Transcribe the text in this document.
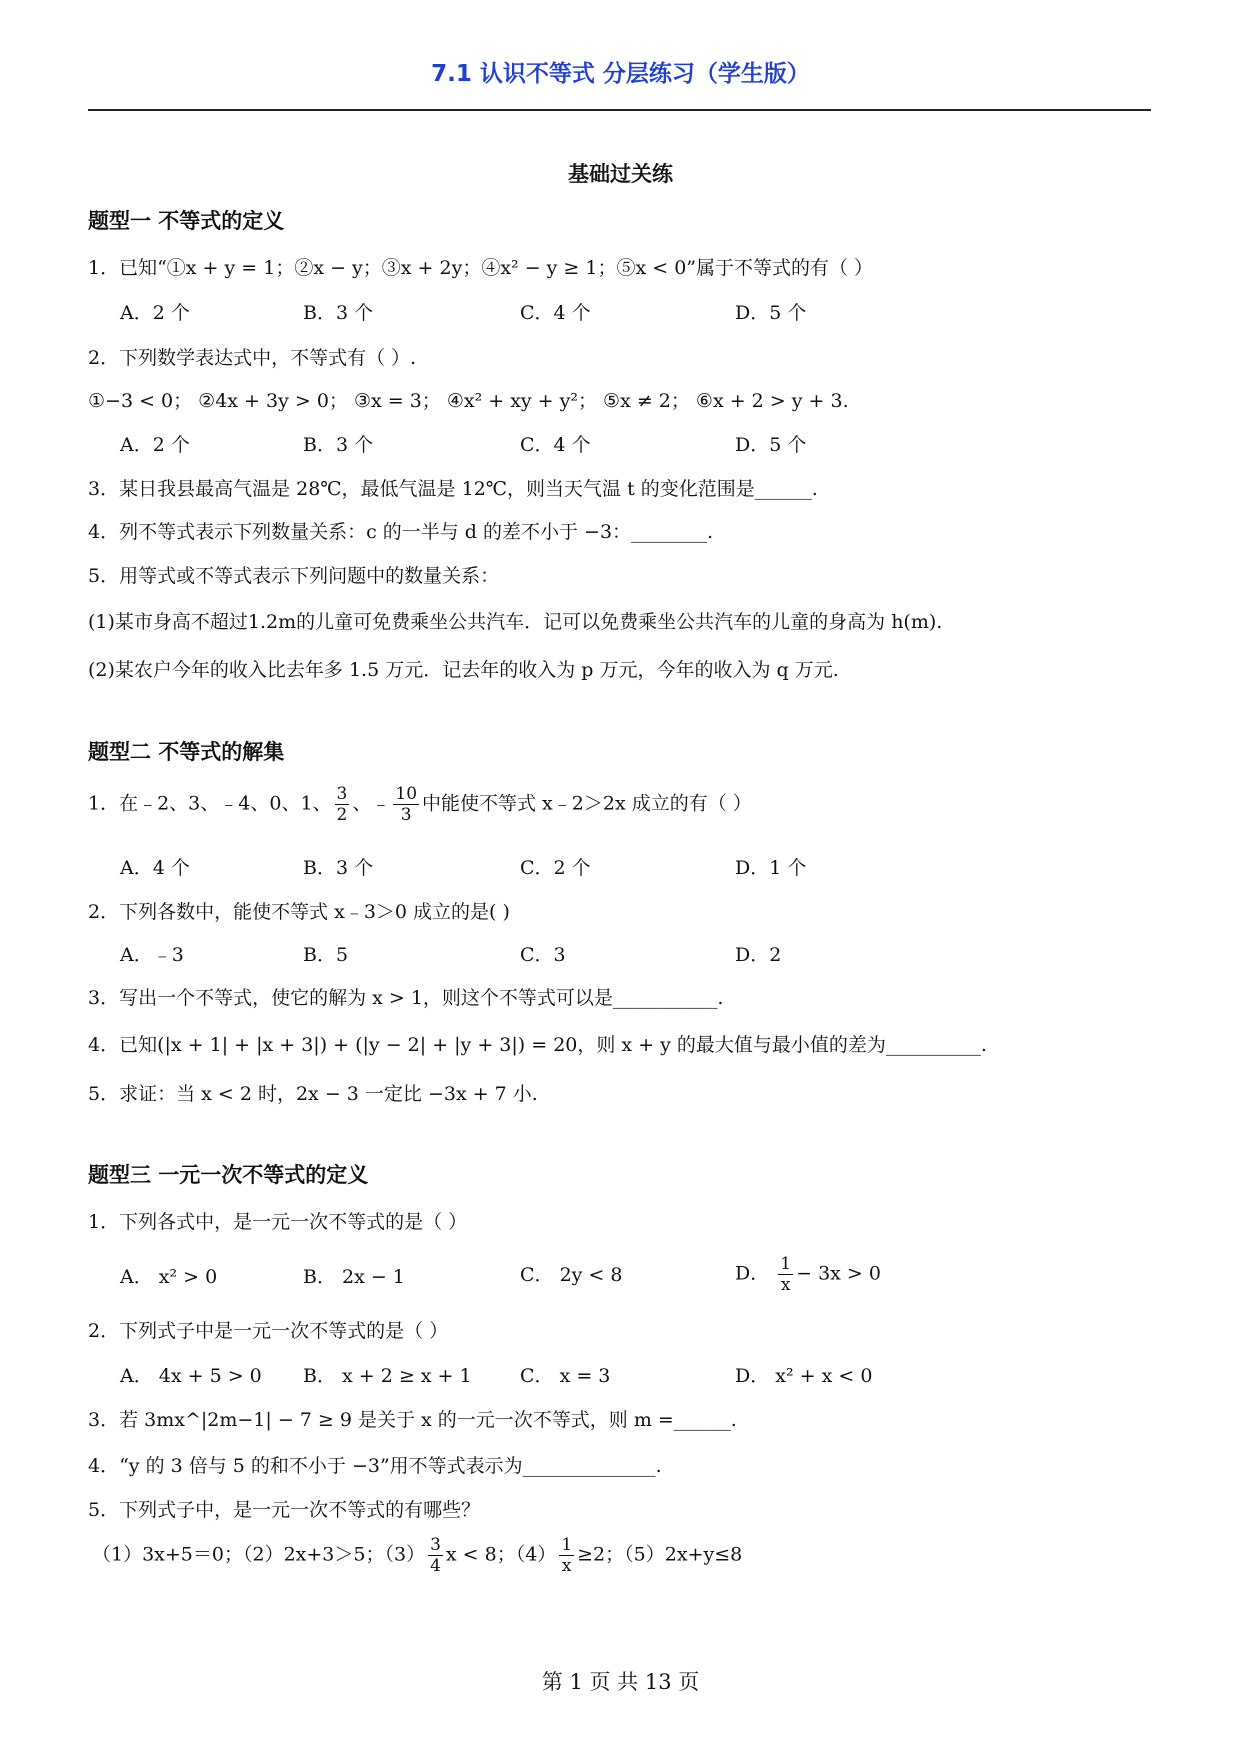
7.1 认识不等式 分层练习（学生版）
基础过关练
题型一 不等式的定义
1．已知“①x + y = 1；②x − y；③x + 2y；④x² − y ≥ 1；⑤x < 0”属于不等式的有（ ）
A．2 个	B．3 个	C．4 个	D．5 个
2．下列数学表达式中，不等式有（ ）.
①−3 < 0； ②4x + 3y > 0； ③x = 3； ④x² + xy + y²； ⑤x ≠ 2； ⑥x + 2 > y + 3.
A．2 个	B．3 个	C．4 个	D．5 个
3．某日我县最高气温是 28℃，最低气温是 12℃，则当天气温 t 的变化范围是______.
4．列不等式表示下列数量关系：c 的一半与 d 的差不小于 −3：________.
5．用等式或不等式表示下列问题中的数量关系：
(1)某市身高不超过1.2m的儿童可免费乘坐公共汽车．记可以免费乘坐公共汽车的儿童的身高为 h(m).
(2)某农户今年的收入比去年多 1.5 万元．记去年的收入为 p 万元，今年的收入为 q 万元.
题型二 不等式的解集
1．在﹣2、3、﹣4、0、1、 $\frac{3}{2}$ 、﹣ $\frac{10}{3}$ 中能使不等式 x﹣2＞2x 成立的有（ ）
A．4 个	B．3 个	C．2 个	D．1 个
2．下列各数中，能使不等式 x﹣3＞0 成立的是( )
A．﹣3	B．5	C．3	D．2
3．写出一个不等式，使它的解为 x > 1，则这个不等式可以是___________.
4．已知(|x + 1| + |x + 3|) + (|y − 2| + |y + 3|) = 20，则 x + y 的最大值与最小值的差为__________.
5．求证：当 x < 2 时，2x − 3 一定比 −3x + 7 小.
题型三 一元一次不等式的定义
1．下列各式中，是一元一次不等式的是（ ）
A． x² > 0	B． 2x − 1	C． 2y < 8	D． $\frac{1}{x} - 3x > 0$
2．下列式子中是一元一次不等式的是（ ）
A． 4x + 5 > 0 B． x + 2 ≥ x + 1	C． x = 3	D． x² + x < 0
3．若 3mx^|2m−1| − 7 ≥ 9 是关于 x 的一元一次不等式，则 m =______.
4．“y 的 3 倍与 5 的和不小于 −3”用不等式表示为______________.
5．下列式子中，是一元一次不等式的有哪些？
（1）3x+5＝0；（2）2x+3＞5；$(3) \frac{3}{4}$ x < 8；$(4) \frac{1}{x} \ge 2$；（5）2x+y≤8
第 1 页 共 13 页
